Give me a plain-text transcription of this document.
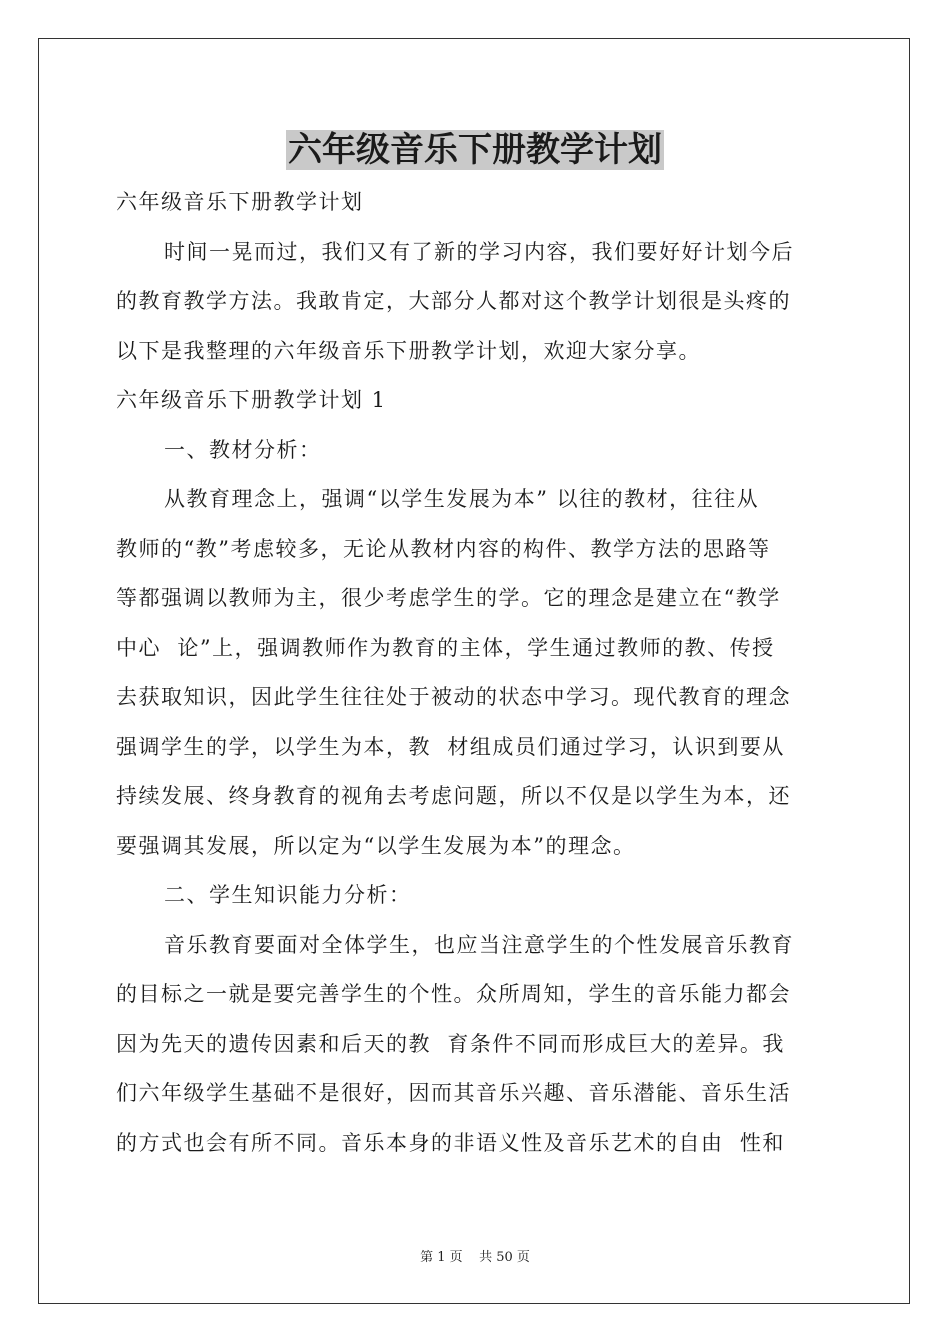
六年级音乐下册教学计划
六年级音乐下册教学计划
时间一晃而过，我们又有了新的学习内容，我们要好好计划今后
的教育教学方法。我敢肯定，大部分人都对这个教学计划很是头疼的
以下是我整理的六年级音乐下册教学计划，欢迎大家分享。
六年级音乐下册教学计划 1
一、教材分析：
从教育理念上，强调“以学生发展为本” 以往的教材，往往从
教师的“教”考虑较多，无论从教材内容的构件、教学方法的思路等
等都强调以教师为主，很少考虑学生的学。它的理念是建立在“教学
中心  论”上，强调教师作为教育的主体，学生通过教师的教、传授
去获取知识，因此学生往往处于被动的状态中学习。现代教育的理念
强调学生的学，以学生为本，教  材组成员们通过学习，认识到要从
持续发展、终身教育的视角去考虑问题，所以不仅是以学生为本，还
要强调其发展，所以定为“以学生发展为本”的理念。
二、学生知识能力分析：
音乐教育要面对全体学生，也应当注意学生的个性发展音乐教育
的目标之一就是要完善学生的个性。众所周知，学生的音乐能力都会
因为先天的遗传因素和后天的教  育条件不同而形成巨大的差异。我
们六年级学生基础不是很好，因而其音乐兴趣、音乐潜能、音乐生活
的方式也会有所不同。音乐本身的非语义性及音乐艺术的自由  性和
第 1 页    共 50 页
